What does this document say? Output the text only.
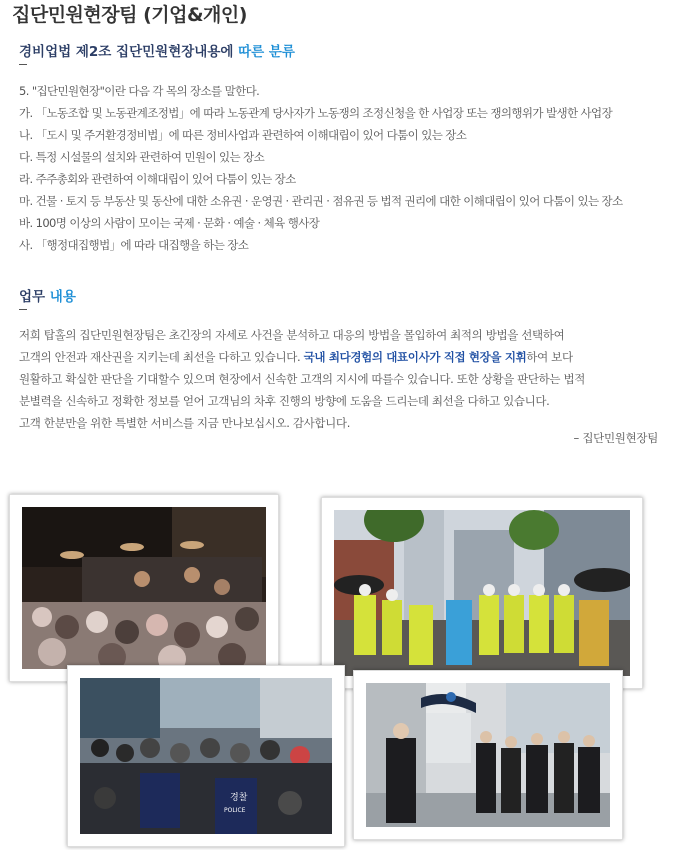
집단민원현장팀 (기업&개인)
경비업법 제2조 집단민원현장내용에 따른 분류
5. "집단민원현장"이란 다음 각 목의 장소를 말한다.
가. 「노동조합 및 노동관계조정법」에 따라 노동관계 당사자가 노동쟁의 조정신청을 한 사업장 또는 쟁의행위가 발생한 사업장
나. 「도시 및 주거환경정비법」에 따른 정비사업과 관련하여 이해대립이 있어 다툼이 있는 장소
다. 특정 시설물의 설치와 관련하여 민원이 있는 장소
라. 주주총회와 관련하여 이해대립이 있어 다툼이 있는 장소
마. 건물 · 토지 등 부동산 및 동산에 대한 소유권 · 운영권 · 관리권 · 점유권 등 법적 권리에 대한 이해대립이 있어 다툼이 있는 장소
바. 100명 이상의 사람이 모이는 국제 · 문화 · 예술 · 체육 행사장
사. 「행정대집행법」에 따라 대집행을 하는 장소
업무 내용
저희 탑홀의 집단민원현장팀은 초긴장의 자세로 사건을 분석하고 대응의 방법을 몰입하여 최적의 방법을 선택하여
고객의 안전과 재산권을 지키는데 최선을 다하고 있습니다. 국내 최다경험의 대표이사가 직접 현장을 지휘하여 보다
원활하고 확실한 판단을 기대할수 있으며 현장에서 신속한 고객의 지시에 따를수 있습니다. 또한 상황을 판단하는 법적
분별력을 신속하고 정확한 정보를 얻어 고객님의 차후 진행의 방향에 도움을 드리는데 최선을 다하고 있습니다.
고객 한분만을 위한 특별한 서비스를 지금 만나보십시오. 감사합니다.
– 집단민원현장팀
경찰
POLICE
